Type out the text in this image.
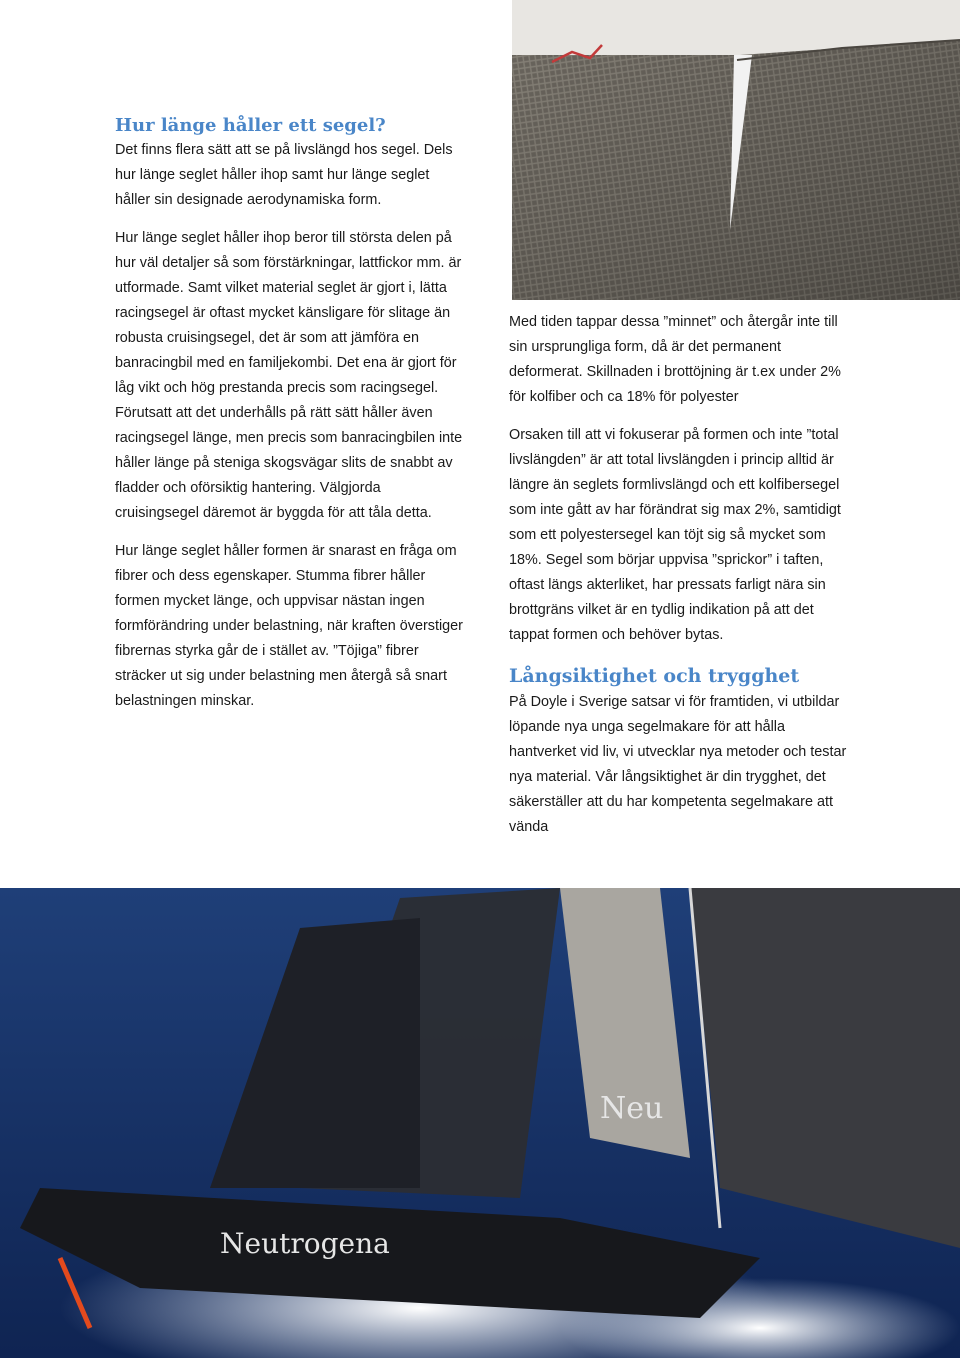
Hur länge håller ett segel?

Det finns flera sätt att se på livslängd hos segel. Dels hur länge seglet håller ihop samt hur länge seglet håller sin designade aerodynamiska form.

Hur länge seglet håller ihop beror till största delen på hur väl detaljer så som förstärkningar, lattfickor mm. är utformade. Samt vilket material seglet är gjort i, lätta racingsegel är oftast mycket känsligare för slitage än robusta cruisingsegel, det är som att jämföra en banracingbil med en familjekombi. Det ena är gjort för låg vikt och hög prestanda precis som racingsegel. Förutsatt att det underhålls på rätt sätt håller även racingsegel länge, men precis som banracingbilen inte håller länge på steniga skogsvägar slits de snabbt av fladder och oförsiktig hantering. Välgjorda cruisingsegel däremot är byggda för att tåla detta.

Hur länge seglet håller formen är snarast en fråga om fibrer och dess egenskaper. Stumma fibrer håller formen mycket länge, och uppvisar nästan ingen formförändring under belastning, när kraften överstiger fibrernas styrka går de i stället av. ”Töjiga” fibrer sträcker ut sig under belastning men återgå så snart belastningen minskar.

Med tiden tappar dessa ”minnet” och återgår inte till sin ursprungliga form, då är det permanent deformerat. Skillnaden i brottöjning är t.ex under 2% för kolfiber och ca 18% för polyester

Orsaken till att vi fokuserar på formen och inte ”total livslängden” är att total livslängden i princip alltid är längre än seglets formlivslängd och ett kolfibersegel som inte gått av har förändrat sig max 2%, samtidigt som ett polyestersegel kan töjt sig så mycket som 18%. Segel som börjar uppvisa ”sprickor” i taften, oftast längs akterliket, har pressats farligt nära sin brottgräns vilket är en tydlig indikation på att det tappat formen och behöver bytas.

Långsiktighet och trygghet

På Doyle i Sverige satsar vi för framtiden, vi utbildar löpande nya unga segelmakare för att hålla hantverket vid liv, vi utvecklar nya metoder och testar nya material. Vår långsiktighet är din trygghet, det säkerställer att du har kompetenta segelmakare att vända

Neutrogena
Neu
